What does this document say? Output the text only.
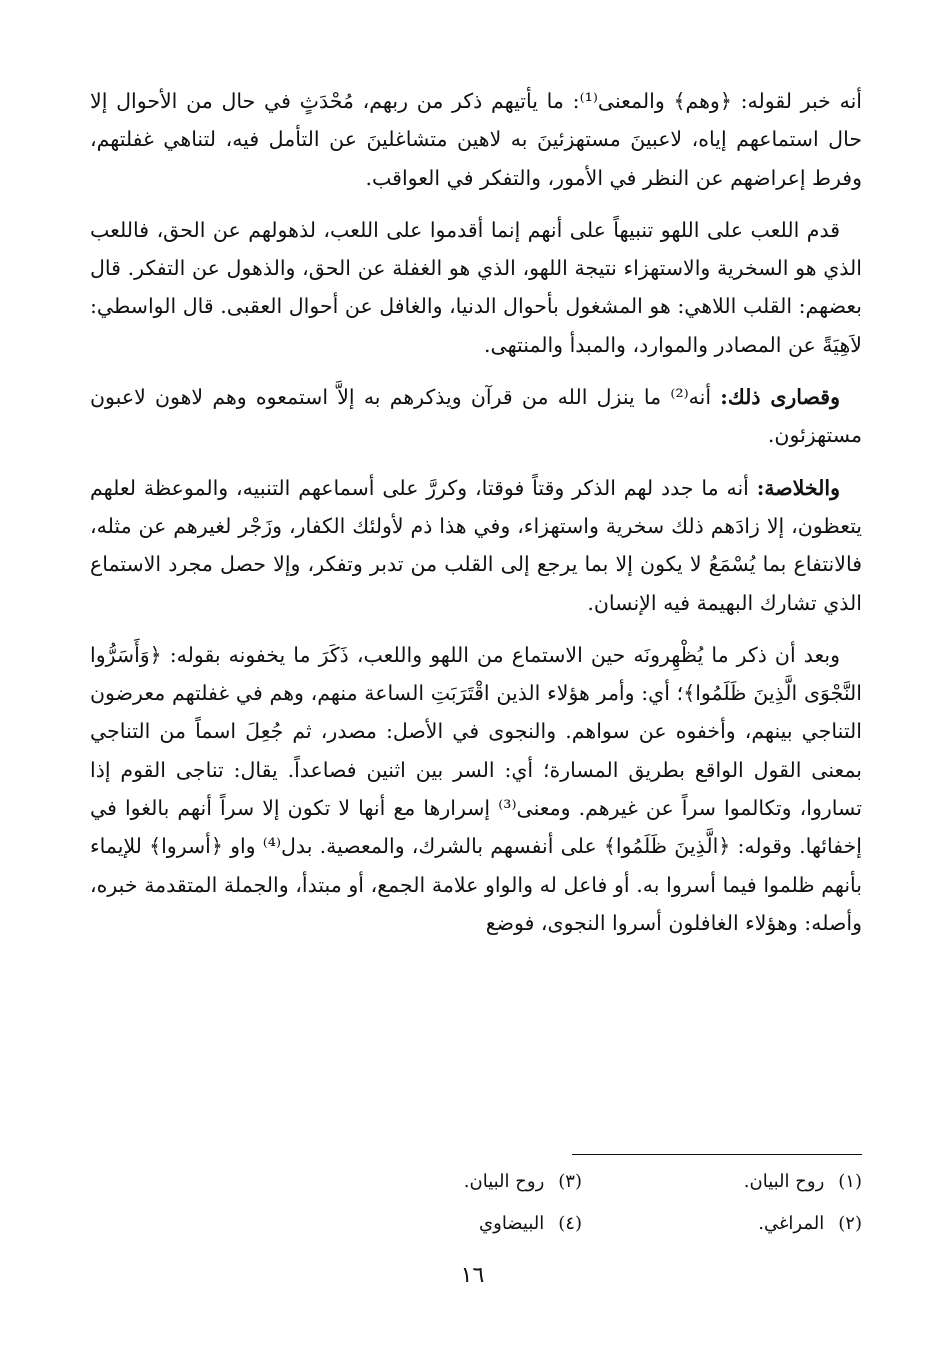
أنه خبر لقوله: ﴿وهم﴾ والمعنى⁽¹⁾: ما يأتيهم ذكر من ربهم، مُحْدَثٍ في حال من الأحوال إلا حال استماعهم إياه، لاعبينَ مستهزئينَ به لاهين متشاغلينَ عن التأمل فيه، لتناهي غفلتهم، وفرط إعراضهم عن النظر في الأمور، والتفكر في العواقب.

قدم اللعب على اللهو تنبيهاً على أنهم إنما أقدموا على اللعب، لذهولهم عن الحق، فاللعب الذي هو السخرية والاستهزاء نتيجة اللهو، الذي هو الغفلة عن الحق، والذهول عن التفكر. قال بعضهم: القلب اللاهي: هو المشغول بأحوال الدنيا، والغافل عن أحوال العقبى. قال الواسطي: لاَهِيَةً عن المصادر والموارد، والمبدأ والمنتهى.

وقصارى ذلك: أنه⁽²⁾ ما ينزل الله من قرآن ويذكرهم به إلاَّ استمعوه وهم لاهون لاعبون مستهزئون.

والخلاصة: أنه ما جدد لهم الذكر وقتاً فوقتا، وكررَّ على أسماعهم التنبيه، والموعظة لعلهم يتعظون، إلا زادَهم ذلك سخرية واستهزاء، وفي هذا ذم لأولئك الكفار، وزَجْر لغيرهم عن مثله، فالانتفاع بما يُسْمَعُ لا يكون إلا بما يرجع إلى القلب من تدبر وتفكر، وإلا حصل مجرد الاستماع الذي تشارك البهيمة فيه الإنسان.

وبعد أن ذكر ما يُظْهِرونَه حين الاستماع من اللهو واللعب، ذَكَرَ ما يخفونه بقوله: ﴿وَأَسَرُّوا النَّجْوَى الَّذِينَ ظَلَمُوا﴾؛ أي: وأمر هؤلاء الذين اقْتَرَبَتِ الساعة منهم، وهم في غفلتهم معرضون التناجي بينهم، وأخفوه عن سواهم. والنجوى في الأصل: مصدر، ثم جُعِلَ اسماً من التناجي بمعنى القول الواقع بطريق المسارة؛ أي: السر بين اثنين فصاعداً. يقال: تناجى القوم إذا تساروا، وتكالموا سراً عن غيرهم. ومعنى⁽³⁾ إسرارها مع أنها لا تكون إلا سراً أنهم بالغوا في إخفائها. وقوله: ﴿الَّذِينَ ظَلَمُوا﴾ على أنفسهم بالشرك، والمعصية. بدل⁽⁴⁾ واو ﴿أسروا﴾ للإيماء بأنهم ظلموا فيما أسروا به. أو فاعل له والواو علامة الجمع، أو مبتدأ، والجملة المتقدمة خبره، وأصله: وهؤلاء الغافلون أسروا النجوى، فوضع

(١)روح البيان.
(٣)روح البيان.
(٢)المراغي.
(٤)البيضاوي
١٦
